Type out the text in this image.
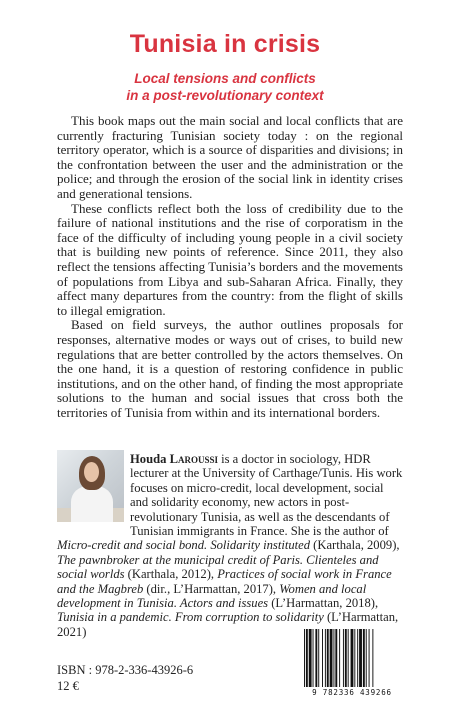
Tunisia in crisis
Local tensions and conflicts
in a post-revolutionary context

This book maps out the main social and local conflicts that are currently fracturing Tunisian society today : on the regional territory operator, which is a source of disparities and divisions; in the confrontation between the user and the administration or the police; and through the erosion of the social link in identity crises and generational tensions.

These conflicts reflect both the loss of credibility due to the failure of national institutions and the rise of corporatism in the face of the difficulty of including young people in a civil society that is building new points of reference. Since 2011, they also reflect the tensions affecting Tunisia’s borders and the movements of populations from Libya and sub-Saharan Africa. Finally, they affect many departures from the country: from the flight of skills to illegal emigration.

Based on field surveys, the author outlines proposals for responses, alternative modes or ways out of crises, to build new regulations that are better controlled by the actors themselves. On the one hand, it is a question of restoring confidence in public institutions, and on the other hand, of finding the most appropriate solutions to the human and social issues that cross both the territories of Tunisia from within and its international borders.

Houda Laroussi is a doctor in sociology, HDR lecturer at the University of Carthage/Tunis. His work focuses on micro-credit, local development, social and solidarity economy, new actors in post-revolutionary Tunisia, as well as the descendants of Tunisian immigrants in France. She is the author of Micro-credit and social bond. Solidarity instituted (Karthala, 2009), The pawnbroker at the municipal credit of Paris. Clienteles and social worlds (Karthala, 2012), Practices of social work in France and the Magbreb (dir., L’Harmattan, 2017), Women and local development in Tunisia. Actors and issues (L’Harmattan, 2018), Tunisia in a pandemic. From corruption to solidarity (L’Harmattan, 2021)
ISBN : 978-2-336-43926-6
12 €	9 782336 439266
